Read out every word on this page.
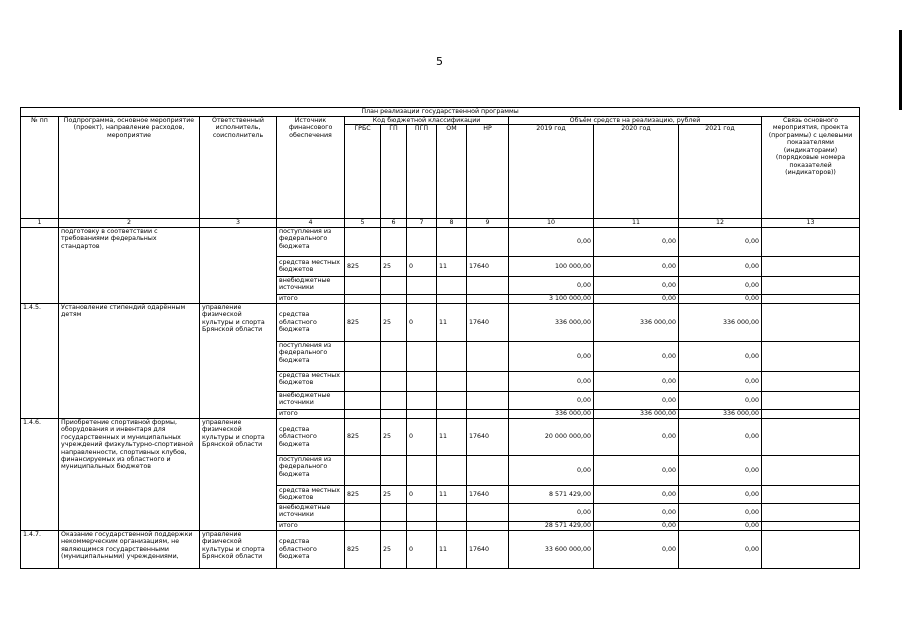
5
План реализации государственной программы												
№ пп	Подпрограмма, основное мероприятие (проект), направление расходов, мероприятие	Ответственный исполнитель, соисполнитель	Источник финансового обеспечения	Код бюджетной классификации					Объём средств на реализацию, рублей			Связь основного мероприятия, проекта (программы) с целевыми показателями (индикаторами) (порядковые номера показателей (индикаторов))
				ГРБС	ГП	ПГП	ОМ	НР	2019 год	2020 год	2021 год	
1	2	3	4	5	6	7	8	9	10	11	12	13
	подготовку в соответствии с требованиями федеральных стандартов		поступления из федерального бюджета						0,00	0,00	0,00	
			средства местных бюджетов	825	25	0	11	17640	100 000,00	0,00	0,00	
			внебюджетные источники						0,00	0,00	0,00	
			итого						3 100 000,00	0,00	0,00	
1.4.5.	Установление стипендий одарённым детям	управление физической культуры и спорта Брянской области	средства областного бюджета	825	25	0	11	17640	336 000,00	336 000,00	336 000,00	
			поступления из федерального бюджета						0,00	0,00	0,00	
			средства местных бюджетов						0,00	0,00	0,00	
			внебюджетные источники						0,00	0,00	0,00	
			итого						336 000,00	336 000,00	336 000,00	
1.4.6.	Приобретение спортивной формы, оборудования и инвентаря для государственных и муниципальных учреждений физкультурно-спортивной направленности, спортивных клубов, финансируемых из областного и муниципальных бюджетов	управление физической культуры и спорта Брянской области	средства областного бюджета	825	25	0	11	17640	20 000 000,00	0,00	0,00	
			поступления из федерального бюджета						0,00	0,00	0,00	
			средства местных бюджетов	825	25	0	11	17640	8 571 429,00	0,00	0,00	
			внебюджетные источники						0,00	0,00	0,00	
			итого						28 571 429,00	0,00	0,00	
1.4.7.	Оказание государственной поддержки некоммерческим организациям, не являющимся государственными (муниципальными) учреждениями,	управление физической культуры и спорта Брянской области	средства областного бюджета	825	25	0	11	17640	33 600 000,00	0,00	0,00	
